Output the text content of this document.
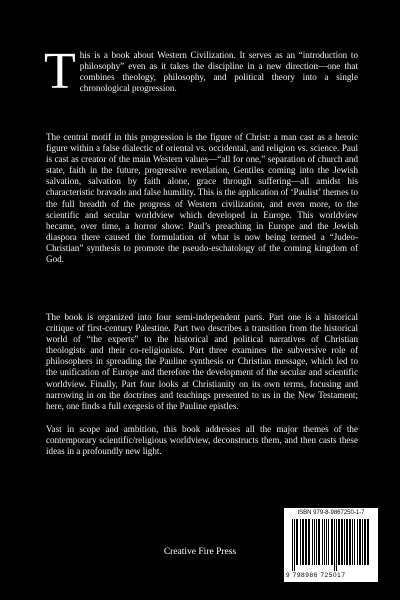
This is a book about Western Civilization. It serves as an “introduction to philosophy” even as it takes the discipline in a new direction—one that combines theology, philosophy, and political theory into a single chronological progression.
The central motif in this progression is the figure of Christ: a man cast as a heroic figure within a false dialectic of oriental vs. occidental, and religion vs. science. Paul is cast as creator of the main Western values—“all for one,” separation of church and state, faith in the future, progressive revelation, Gentiles coming into the Jewish salvation, salvation by faith alone, grace through suffering—all amidst his characteristic bravado and false humility. This is the application of ‘Paulist’ themes to the full breadth of the progress of Western civilization, and even more, to the scientific and secular worldview which developed in Europe. This worldview became, over time, a horror show: Paul’s preaching in Europe and the Jewish diaspora there caused the formulation of what is now being termed a “Judeo-Christian” synthesis to promote the pseudo-eschatology of the coming kingdom of God.
The book is organized into four semi-independent parts. Part one is a historical critique of first-century Palestine. Part two describes a transition from the historical world of “the experts” to the historical and political narratives of Christian theologists and their co-religionists. Part three examines the subversive role of philosophers in spreading the Pauline synthesis or Christian message, which led to the unification of Europe and therefore the development of the secular and scientific worldview. Finally, Part four looks at Christianity on its own terms, focusing and narrowing in on the doctrines and teachings presented to us in the New Testament; here, one finds a full exegesis of the Pauline epistles.
Vast in scope and ambition, this book addresses all the major themes of the contemporary scientific/religious worldview, deconstructs them, and then casts these ideas in a profoundly new light.
Creative Fire Press
ISBN 979-8-9867250-1-7
9 798986 725017
